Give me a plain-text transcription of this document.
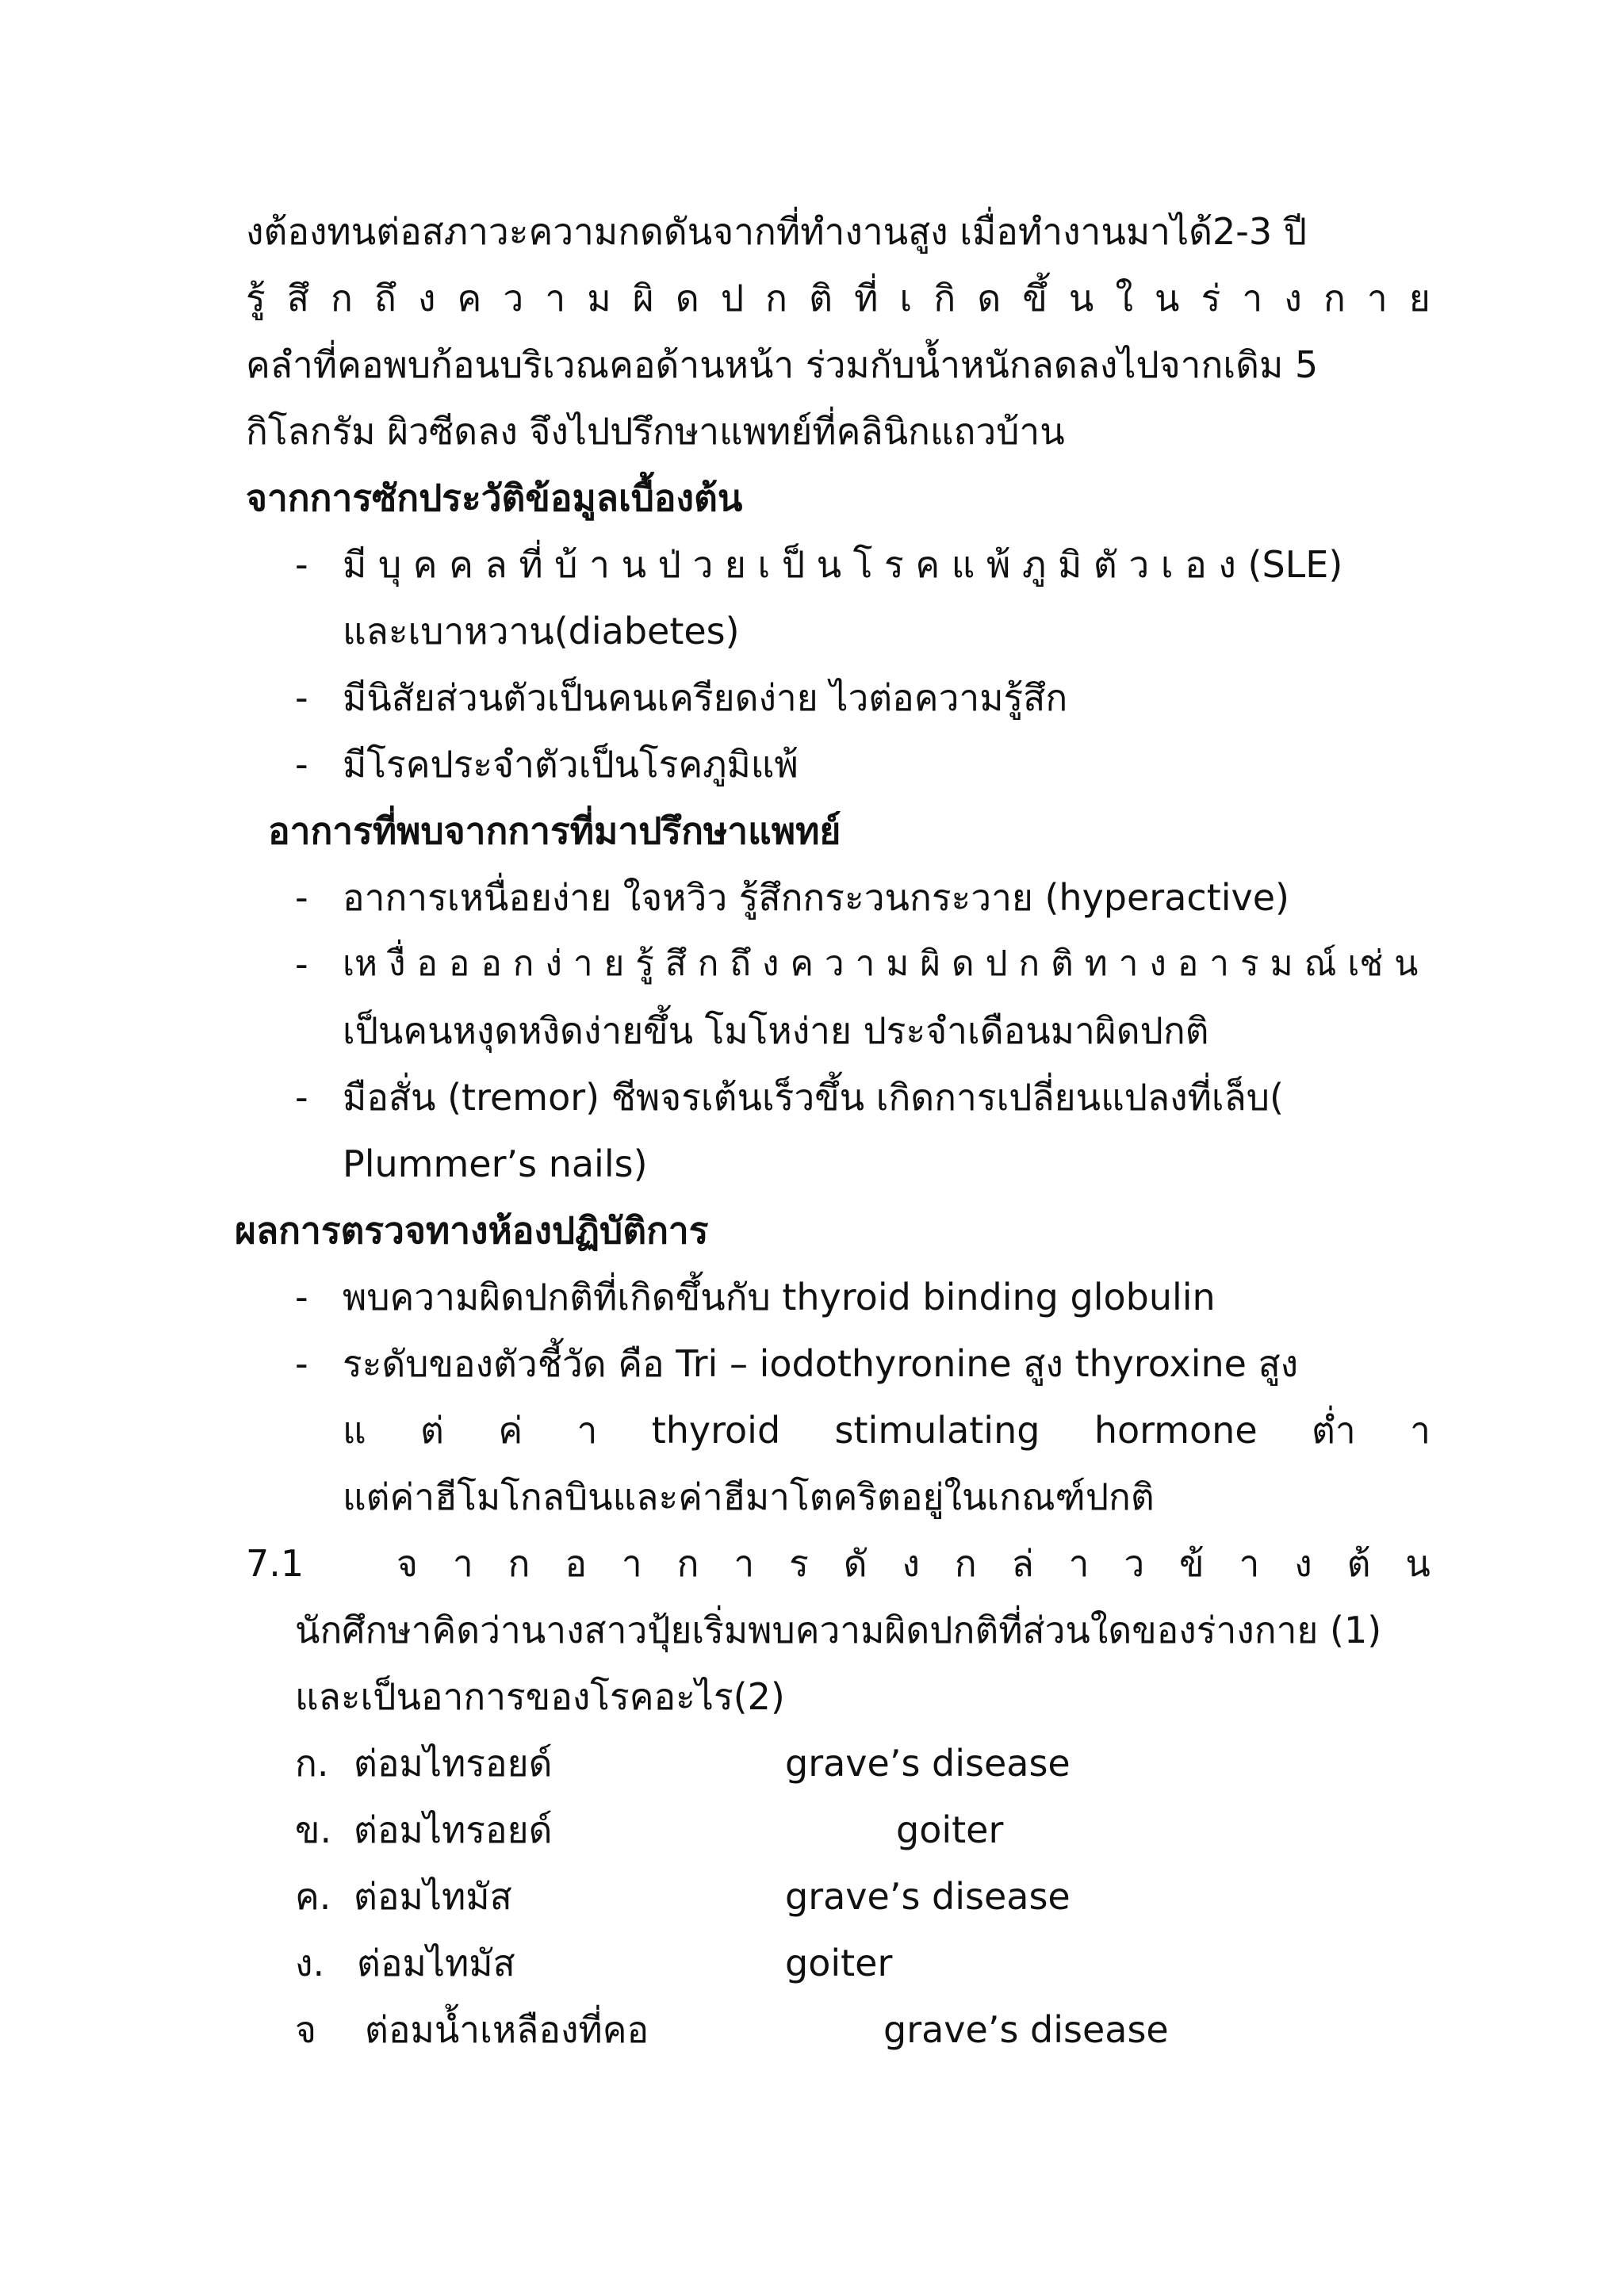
งต้องทนต่อสภาวะความกดดันจากที่ทำงานสูง เมื่อทำงานมาได้2-3 ปี
รู้ สึ ก ถึ ง ค ว า ม ผิ ด ป ก ติ ที่ เ กิ ด ขึ้ น ใ น ร่ า ง ก า ย
คลำที่คอพบก้อนบริเวณคอด้านหน้า ร่วมกับน้ำหนักลดลงไปจากเดิม 5
กิโลกรัม ผิวซีดลง จึงไปปรึกษาแพทย์ที่คลินิกแถวบ้าน
จากการซักประวัติข้อมูลเบื้องต้น
- มี บุ ค ค ล ที่ บ้ า น ป่ ว ย เ ป็ น โ ร ค แ พ้ ภู มิ ตั ว เ อ ง (SLE)
และเบาหวาน(diabetes)
- มีนิสัยส่วนตัวเป็นคนเครียดง่าย ไวต่อความรู้สึก
- มีโรคประจำตัวเป็นโรคภูมิแพ้
อาการที่พบจากการที่มาปรึกษาแพทย์
- อาการเหนื่อยง่าย ใจหวิว รู้สึกกระวนกระวาย (hyperactive)
- เห งื่ อ อ อ ก ง่ า ย รู้ สึ ก ถึ ง ค ว า ม ผิ ด ป ก ติ ท า ง อ า ร ม ณ์ เช่ น
เป็นคนหงุดหงิดง่ายขึ้น โมโหง่าย ประจำเดือนมาผิดปกติ
- มือสั่น (tremor) ชีพจรเต้นเร็วขึ้น เกิดการเปลี่ยนแปลงที่เล็บ(
Plummer’s nails)
ผลการตรวจทางห้องปฏิบัติการ
- พบความผิดปกติที่เกิดขึ้นกับ thyroid binding globulin
- ระดับของตัวชี้วัด คือ Tri – iodothyronine สูง thyroxine สูง
แ ต่ ค่ า thyroid stimulating hormone ต่ำ า
แต่ค่าฮีโมโกลบินและค่าฮีมาโตคริตอยู่ในเกณฑ์ปกติ
7.1	จ า ก อ า ก า ร ดั ง ก ล่ า ว ข้ า ง ต้ น
นักศึกษาคิดว่านางสาวปุ้ยเริ่มพบความผิดปกติที่ส่วนใดของร่างกาย (1)
และเป็นอาการของโรคอะไร(2)
ก. ต่อมไทรอยด์	grave’s disease
ข. ต่อมไทรอยด์	goiter
ค. ต่อมไทมัส	grave’s disease
ง. ต่อมไทมัส	goiter
จ ต่อมน้ำเหลืองที่คอ	grave’s disease
